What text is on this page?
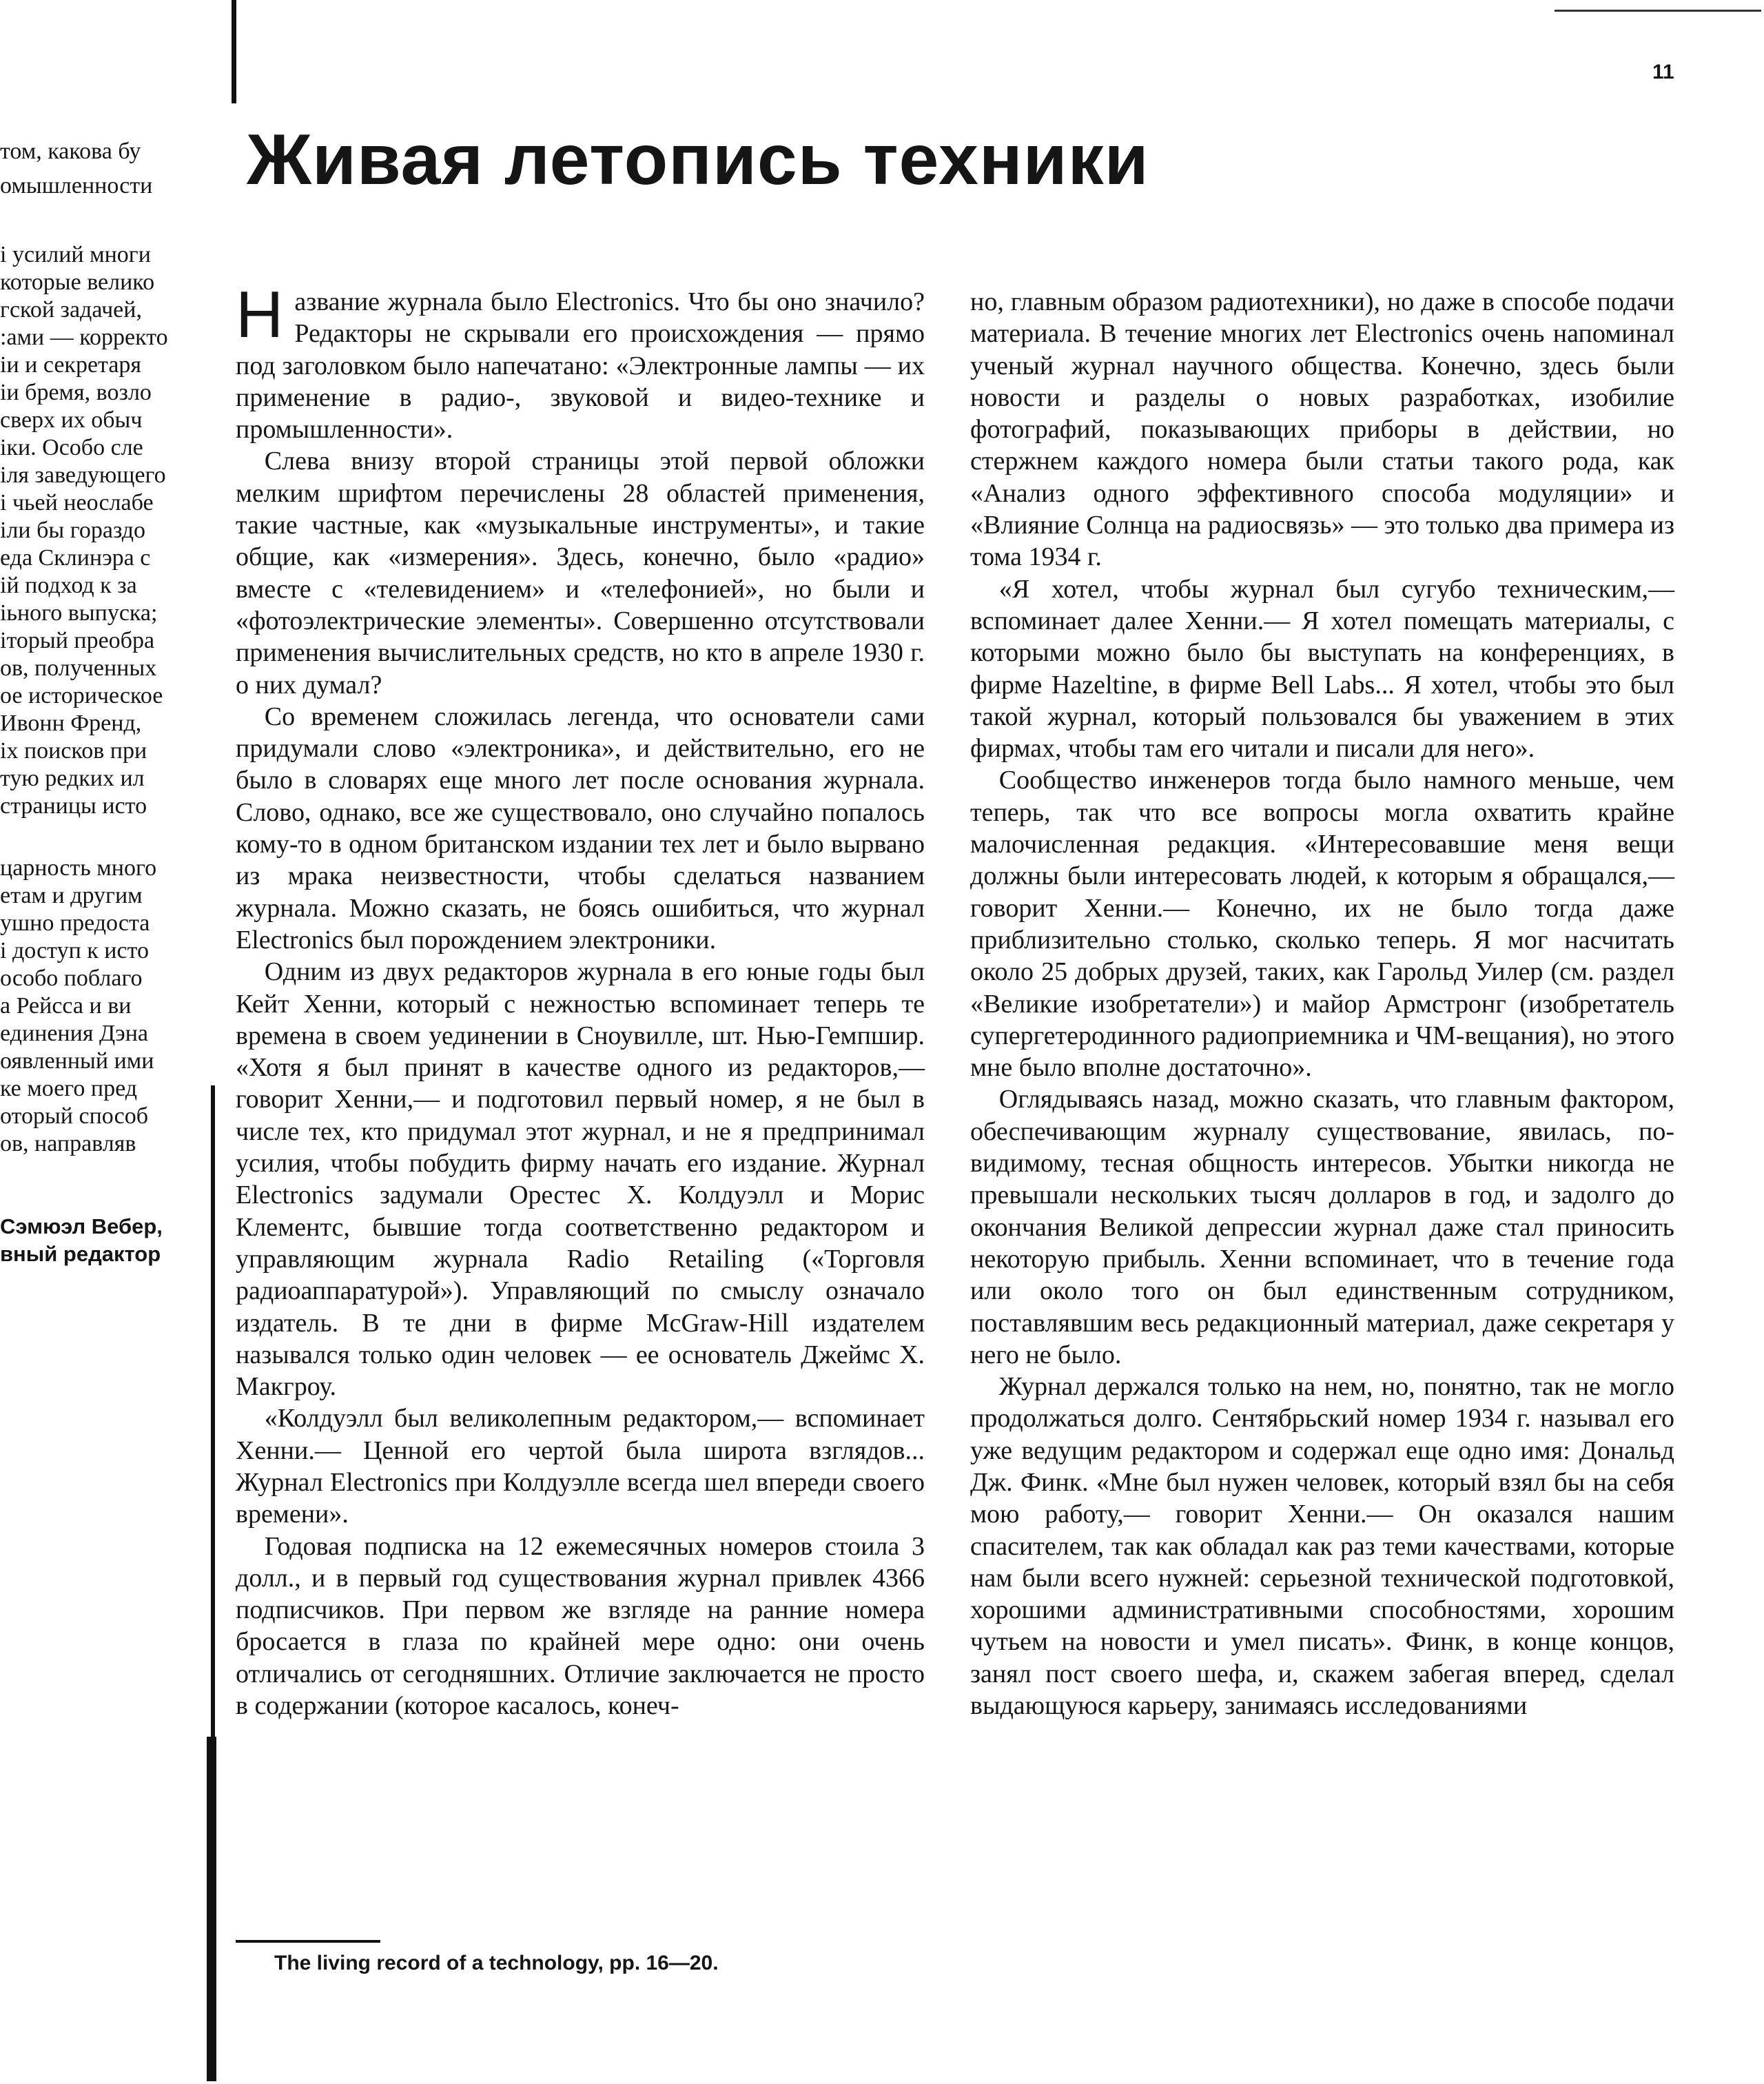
11
том, какова бу
омышленности
і усилий многи
которые велико
гской задачей,
:ами — корректо
іи и секретаря
іи бремя, возло
сверх их обыч
іки. Особо сле
іля заведующего
і чьей неослабе
іли бы гораздо
еда Склинэра с
ій подход к за
іьного выпуска;
іторый преобра
ов, полученных
ое историческое
Ивонн Френд,
іх поисков при
тую редких ил
страницы исто
царность много
етам и другим
ушно предоста
і доступ к исто
особо поблаго
а Рейсса и ви
единения Дэна
оявленный ими
ке моего пред
оторый способ
ов, направляв
Сэмюэл Вебер,
вный редактор
Живая летопись техники

Название журнала было Electronics. Что бы оно значило? Редакторы не скрывали его происхождения — прямо под заголовком было напечатано: «Электронные лампы — их применение в радио-, звуковой и видео-технике и промышленности».

Слева внизу второй страницы этой первой обложки мелким шрифтом перечислены 28 областей применения, такие частные, как «музыкальные инструменты», и такие общие, как «измерения». Здесь, конечно, было «радио» вместе с «телевидением» и «телефонией», но были и «фотоэлектрические элементы». Совершенно отсутствовали применения вычислительных средств, но кто в апреле 1930 г. о них думал?

Со временем сложилась легенда, что основатели сами придумали слово «электроника», и действительно, его не было в словарях еще много лет после основания журнала. Слово, однако, все же существовало, оно случайно попалось кому-то в одном британском издании тех лет и было вырвано из мрака неизвестности, чтобы сделаться названием журнала. Можно сказать, не боясь ошибиться, что журнал Electronics был порождением электроники.

Одним из двух редакторов журнала в его юные годы был Кейт Хенни, который с нежностью вспоминает теперь те времена в своем уединении в Сноувилле, шт. Нью-Гемпшир. «Хотя я был принят в качестве одного из редакторов,— говорит Хенни,— и подготовил первый номер, я не был в числе тех, кто придумал этот журнал, и не я предпринимал усилия, чтобы побудить фирму начать его издание. Журнал Electronics задумали Орестес Х. Колдуэлл и Морис Клементс, бывшие тогда соответственно редактором и управляющим журнала Radio Retailing («Торговля радиоаппаратурой»). Управляющий по смыслу означало издатель. В те дни в фирме McGraw-Hill издателем назывался только один человек — ее основатель Джеймс Х. Макгроу.

«Колдуэлл был великолепным редактором,— вспоминает Хенни.— Ценной его чертой была широта взглядов... Журнал Electronics при Колдуэлле всегда шел впереди своего времени».

Годовая подписка на 12 ежемесячных номеров стоила 3 долл., и в первый год существования журнал привлек 4366 подписчиков. При первом же взгляде на ранние номера бросается в глаза по крайней мере одно: они очень отличались от сегодняшних. Отличие заключается не просто в содержании (которое касалось, конеч-

но, главным образом радиотехники), но даже в способе подачи материала. В течение многих лет Electronics очень напоминал ученый журнал научного общества. Конечно, здесь были новости и разделы о новых разработках, изобилие фотографий, показывающих приборы в действии, но стержнем каждого номера были статьи такого рода, как «Анализ одного эффективного способа модуляции» и «Влияние Солнца на радиосвязь» — это только два примера из тома 1934 г.

«Я хотел, чтобы журнал был сугубо техническим,— вспоминает далее Хенни.— Я хотел помещать материалы, с которыми можно было бы выступать на конференциях, в фирме Hazeltine, в фирме Bell Labs... Я хотел, чтобы это был такой журнал, который пользовался бы уважением в этих фирмах, чтобы там его читали и писали для него».

Сообщество инженеров тогда было намного меньше, чем теперь, так что все вопросы могла охватить крайне малочисленная редакция. «Интересовавшие меня вещи должны были интересовать людей, к которым я обращался,— говорит Хенни.— Конечно, их не было тогда даже приблизительно столько, сколько теперь. Я мог насчитать около 25 добрых друзей, таких, как Гарольд Уилер (см. раздел «Великие изобретатели») и майор Армстронг (изобретатель супергетеродинного радиоприемника и ЧМ-вещания), но этого мне было вполне достаточно».

Оглядываясь назад, можно сказать, что главным фактором, обеспечивающим журналу существование, явилась, по-видимому, тесная общность интересов. Убытки никогда не превышали нескольких тысяч долларов в год, и задолго до окончания Великой депрессии журнал даже стал приносить некоторую прибыль. Хенни вспоминает, что в течение года или около того он был единственным сотрудником, поставлявшим весь редакционный материал, даже секретаря у него не было.

Журнал держался только на нем, но, понятно, так не могло продолжаться долго. Сентябрьский номер 1934 г. называл его уже ведущим редактором и содержал еще одно имя: Дональд Дж. Финк. «Мне был нужен человек, который взял бы на себя мою работу,— говорит Хенни.— Он оказался нашим спасителем, так как обладал как раз теми качествами, которые нам были всего нужней: серьезной технической подготовкой, хорошими административными способностями, хорошим чутьем на новости и умел писать». Финк, в конце концов, занял пост своего шефа, и, скажем забегая вперед, сделал выдающуюся карьеру, занимаясь исследованиями

The living record of a technology, pp. 16—20.
